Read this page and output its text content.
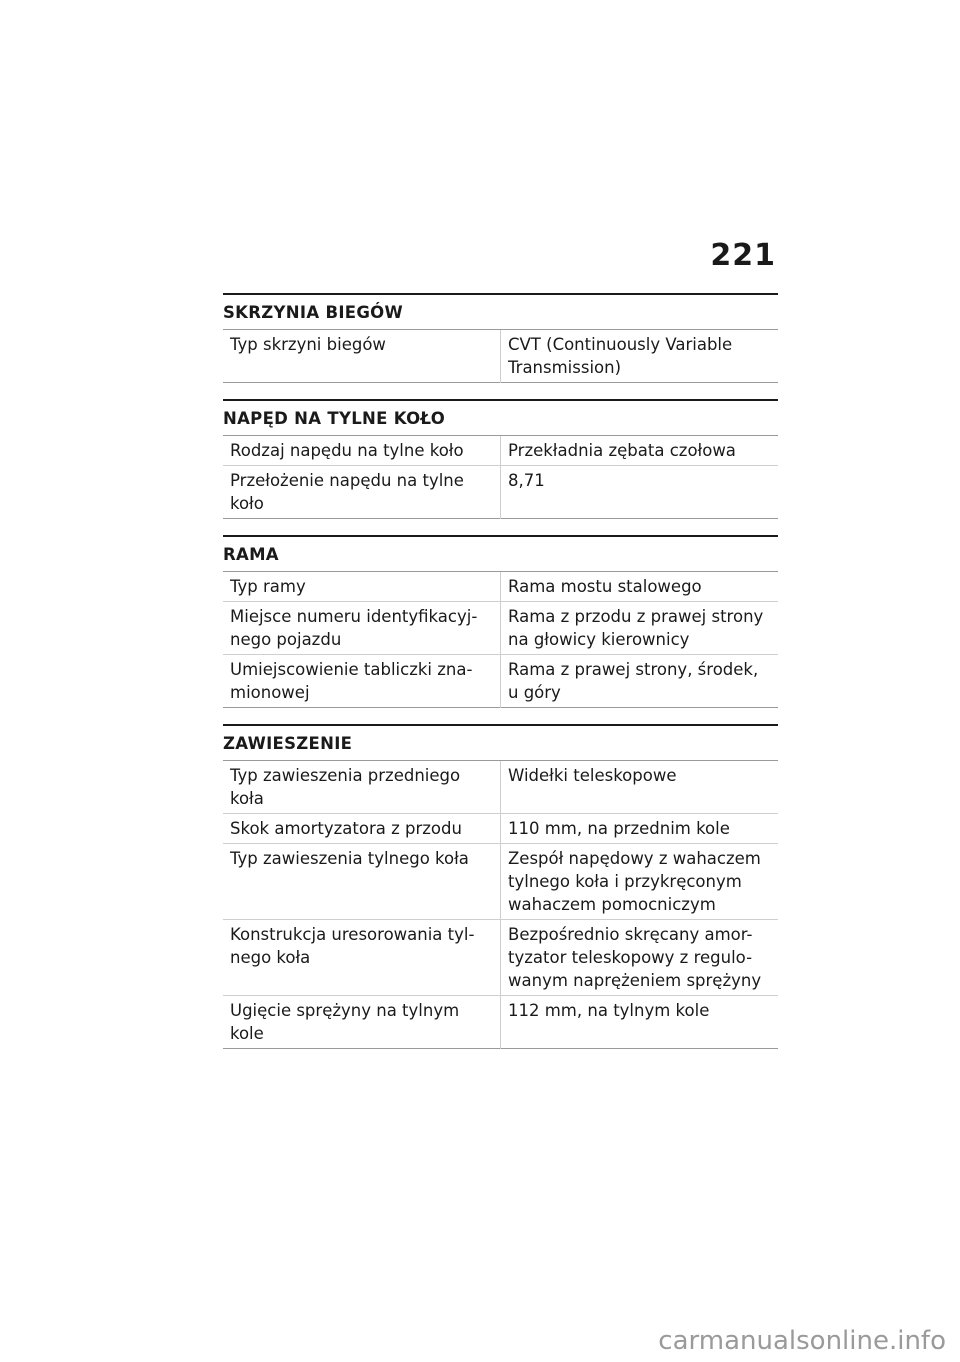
221
SKRZYNIA BIEGÓW
Typ skrzyni biegów	CVT (Continuously Variable Transmission)
NAPĘD NA TYLNE KOŁO
Rodzaj napędu na tylne koło	Przekładnia zębata czołowa
Przełożenie napędu na tylne koło	8,71
RAMA
Typ ramy	Rama mostu stalowego
Miejsce numeru identyfikacyj-nego pojazdu	Rama z przodu z prawej strony na głowicy kierownicy
Umiejscowienie tabliczki zna-mionowej	Rama z prawej strony, środek, u góry
ZAWIESZENIE
Typ zawieszenia przedniego koła	Widełki teleskopowe
Skok amortyzatora z przodu	110 mm, na przednim kole
Typ zawieszenia tylnego koła	Zespół napędowy z wahaczem tylnego koła i przykręconym wahaczem pomocniczym
Konstrukcja uresorowania tyl-nego koła	Bezpośrednio skręcany amor-tyzator teleskopowy z regulo-wanym naprężeniem sprężyny
Ugięcie sprężyny na tylnym kole	112 mm, na tylnym kole
carmanualsonline.info
